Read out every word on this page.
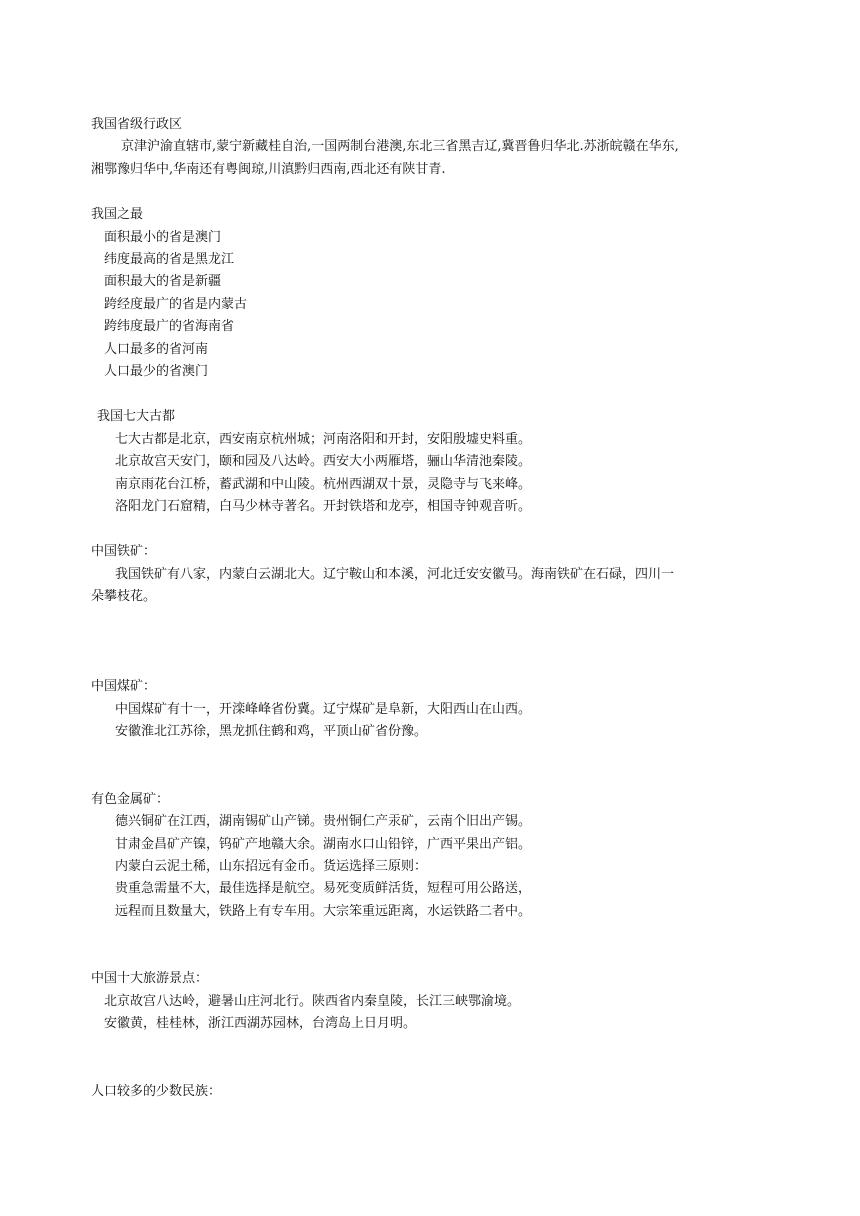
我国省级行政区
京津沪渝直辖市,蒙宁新藏桂自治,一国两制台港澳,东北三省黑吉辽,冀晋鲁归华北.苏浙皖赣在华东,
湘鄂豫归华中,华南还有粤闽琼,川滇黔归西南,西北还有陕甘青.
我国之最
面积最小的省是澳门
纬度最高的省是黑龙江
面积最大的省是新疆
跨经度最广的省是内蒙古
跨纬度最广的省海南省
人口最多的省河南
人口最少的省澳门
我国七大古都
七大古都是北京，西安南京杭州城；河南洛阳和开封，安阳殷墟史料重。
北京故宫天安门，颐和园及八达岭。西安大小两雁塔，骊山华清池秦陵。
南京雨花台江桥，蓄武湖和中山陵。杭州西湖双十景，灵隐寺与飞来峰。
洛阳龙门石窟精，白马少林寺著名。开封铁塔和龙亭，相国寺钟观音听。
中国铁矿：
我国铁矿有八家，内蒙白云湖北大。辽宁鞍山和本溪，河北迁安安徽马。海南铁矿在石碌，四川一
朵攀枝花。
中国煤矿：
中国煤矿有十一，开滦峰峰省份冀。辽宁煤矿是阜新，大阳西山在山西。
安徽淮北江苏徐，黑龙抓住鹤和鸡，平顶山矿省份豫。
有色金属矿：
德兴铜矿在江西，湖南锡矿山产锑。贵州铜仁产汞矿，云南个旧出产锡。
甘肃金昌矿产镍，钨矿产地赣大余。湖南水口山铅锌，广西平果出产铝。
内蒙白云泥土稀，山东招远有金币。货运选择三原则：
贵重急需量不大，最佳选择是航空。易死变质鲜活货，短程可用公路送，
远程而且数量大，铁路上有专车用。大宗笨重远距离，水运铁路二者中。
中国十大旅游景点：
北京故宫八达岭，避暑山庄河北行。陕西省内秦皇陵，长江三峡鄂渝境。
安徽黄，桂桂林，浙江西湖苏园林，台湾岛上日月明。
人口较多的少数民族：
